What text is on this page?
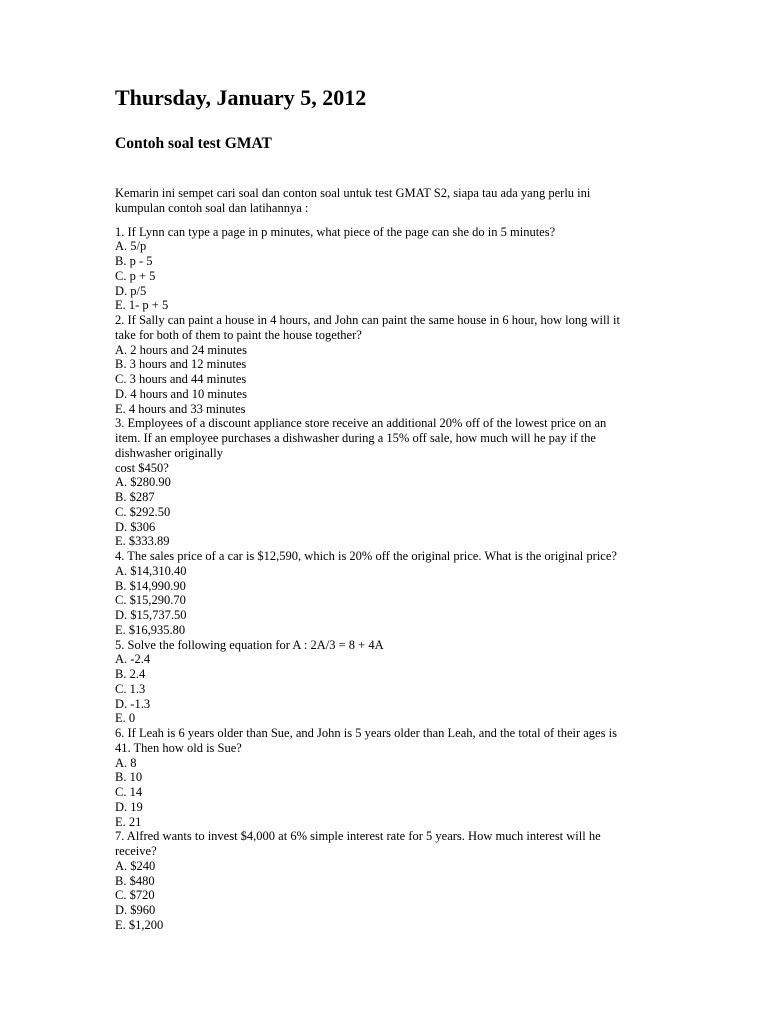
Thursday, January 5, 2012
Contoh soal test GMAT
Kemarin ini sempet cari soal dan conton soal untuk test GMAT S2, siapa tau ada yang perlu ini
kumpulan contoh soal dan latihannya :
1. If Lynn can type a page in p minutes, what piece of the page can she do in 5 minutes?
A. 5/p
B. p - 5
C. p + 5
D. p/5
E. 1- p + 5
2. If Sally can paint a house in 4 hours, and John can paint the same house in 6 hour, how long will it
take for both of them to paint the house together?
A. 2 hours and 24 minutes
B. 3 hours and 12 minutes
C. 3 hours and 44 minutes
D. 4 hours and 10 minutes
E. 4 hours and 33 minutes
3. Employees of a discount appliance store receive an additional 20% off of the lowest price on an
item. If an employee purchases a dishwasher during a 15% off sale, how much will he pay if the
dishwasher originally
cost $450?
A. $280.90
B. $287
C. $292.50
D. $306
E. $333.89
4. The sales price of a car is $12,590, which is 20% off the original price. What is the original price?
A. $14,310.40
B. $14,990.90
C. $15,290.70
D. $15,737.50
E. $16,935.80
5. Solve the following equation for A : 2A/3 = 8 + 4A
A. -2.4
B. 2.4
C. 1.3
D. -1.3
E. 0
6. If Leah is 6 years older than Sue, and John is 5 years older than Leah, and the total of their ages is
41. Then how old is Sue?
A. 8
B. 10
C. 14
D. 19
E. 21
7. Alfred wants to invest $4,000 at 6% simple interest rate for 5 years. How much interest will he
receive?
A. $240
B. $480
C. $720
D. $960
E. $1,200
